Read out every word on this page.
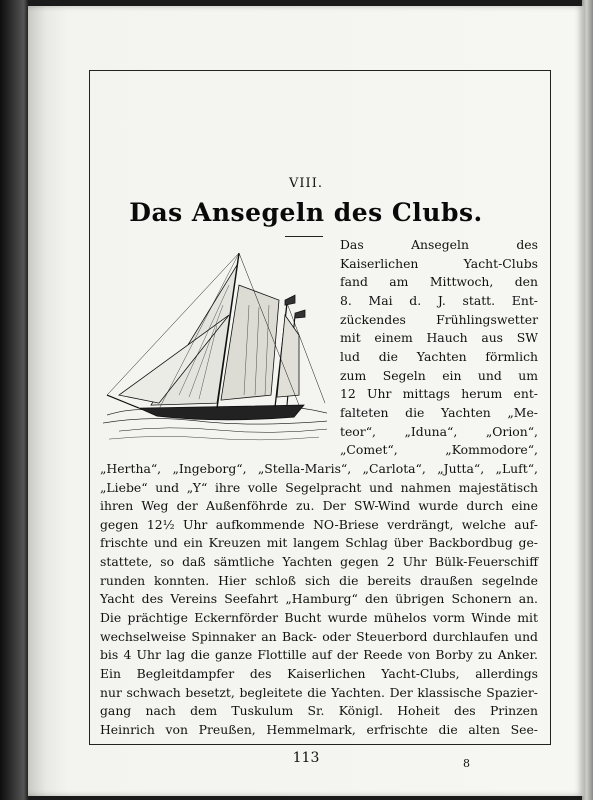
VIII.
Das Ansegeln des Clubs.
Das Ansegeln des
Kaiserlichen Yacht-Clubs
fand am Mittwoch, den
8. Mai d. J. statt. Ent-
zückendes Frühlingswetter
mit einem Hauch aus SW
lud die Yachten förmlich
zum Segeln ein und um
12 Uhr mittags herum ent-
falteten die Yachten „Me-
teor“, „Iduna“, „Orion“,
„Comet“, „Kommodore“,
„Hertha“, „Ingeborg“, „Stella-Maris“, „Carlota“, „Jutta“, „Luft“,
„Liebe“ und „Y“ ihre volle Segelpracht und nahmen majestätisch
ihren Weg der Außenföhrde zu. Der SW-Wind wurde durch eine
gegen 12½ Uhr aufkommende NO-Briese verdrängt, welche auf-
frischte und ein Kreuzen mit langem Schlag über Backbordbug ge-
stattete, so daß sämtliche Yachten gegen 2 Uhr Bülk-Feuerschiff
runden konnten. Hier schloß sich die bereits draußen segelnde
Yacht des Vereins Seefahrt „Hamburg“ den übrigen Schonern an.
Die prächtige Eckernförder Bucht wurde mühelos vorm Winde mit
wechselweise Spinnaker an Back- oder Steuerbord durchlaufen und
bis 4 Uhr lag die ganze Flottille auf der Reede von Borby zu Anker.
Ein Begleitdampfer des Kaiserlichen Yacht-Clubs, allerdings
nur schwach besetzt, begleitete die Yachten. Der klassische Spazier-
gang nach dem Tuskulum Sr. Königl. Hoheit des Prinzen
Heinrich von Preußen, Hemmelmark, erfrischte die alten See-
113	8
